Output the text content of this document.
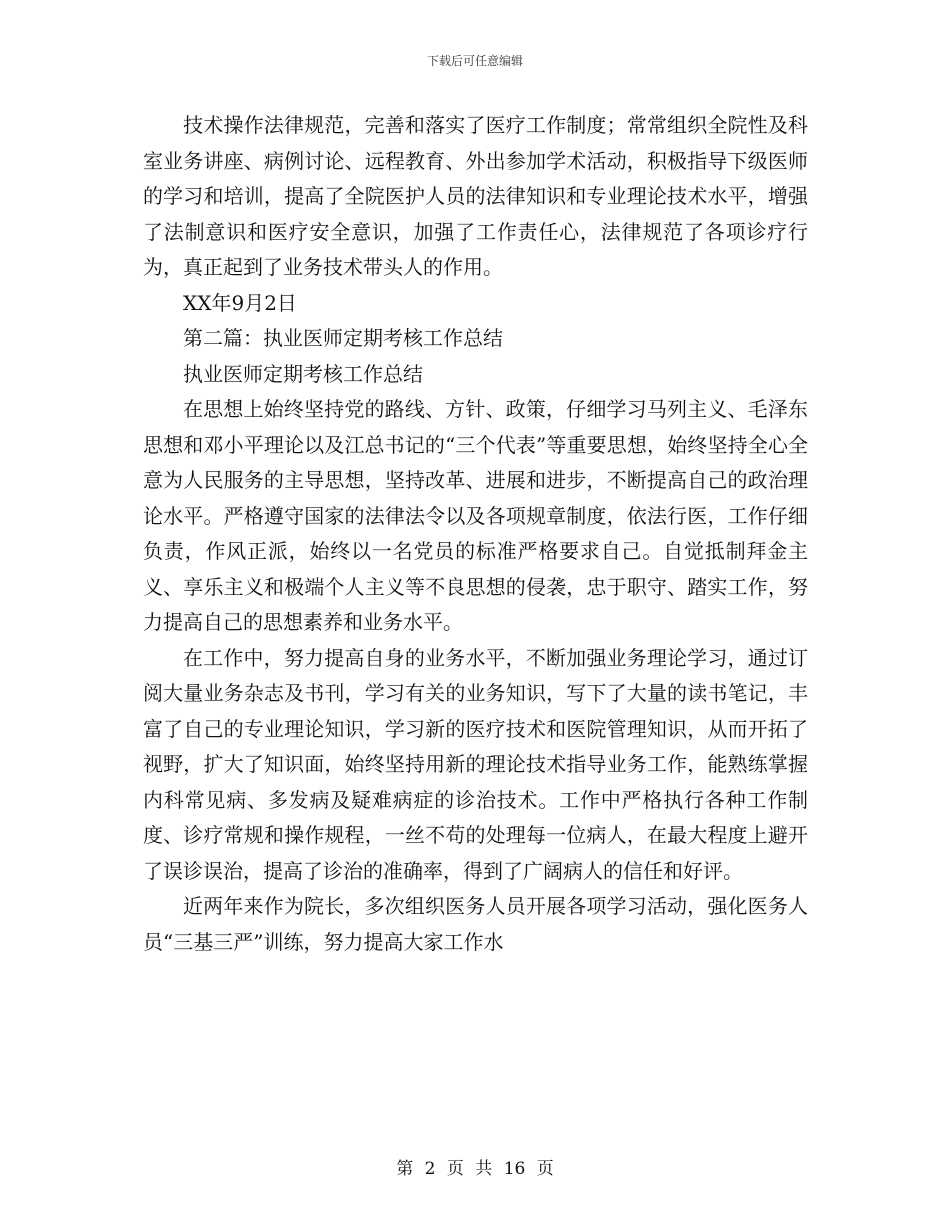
下载后可任意编辑

技术操作法律规范，完善和落实了医疗工作制度；常常组织全院性及科室业务讲座、病例讨论、远程教育、外出参加学术活动，积极指导下级医师的学习和培训，提高了全院医护人员的法律知识和专业理论技术水平，增强了法制意识和医疗安全意识，加强了工作责任心，法律规范了各项诊疗行为，真正起到了业务技术带头人的作用。

XX年9月2日

第二篇：执业医师定期考核工作总结

执业医师定期考核工作总结

在思想上始终坚持党的路线、方针、政策，仔细学习马列主义、毛泽东思想和邓小平理论以及江总书记的“三个代表”等重要思想，始终坚持全心全意为人民服务的主导思想，坚持改革、进展和进步，不断提高自己的政治理论水平。严格遵守国家的法律法令以及各项规章制度，依法行医，工作仔细负责，作风正派，始终以一名党员的标准严格要求自己。自觉抵制拜金主义、享乐主义和极端个人主义等不良思想的侵袭，忠于职守、踏实工作，努力提高自己的思想素养和业务水平。

在工作中，努力提高自身的业务水平，不断加强业务理论学习，通过订阅大量业务杂志及书刊，学习有关的业务知识，写下了大量的读书笔记，丰富了自己的专业理论知识，学习新的医疗技术和医院管理知识，从而开拓了视野，扩大了知识面，始终坚持用新的理论技术指导业务工作，能熟练掌握内科常见病、多发病及疑难病症的诊治技术。工作中严格执行各种工作制度、诊疗常规和操作规程，一丝不苟的处理每一位病人，在最大程度上避开了误诊误治，提高了诊治的准确率，得到了广阔病人的信任和好评。

近两年来作为院长，多次组织医务人员开展各项学习活动，强化医务人员“三基三严”训练，努力提高大家工作水

第 2 页 共 16 页
